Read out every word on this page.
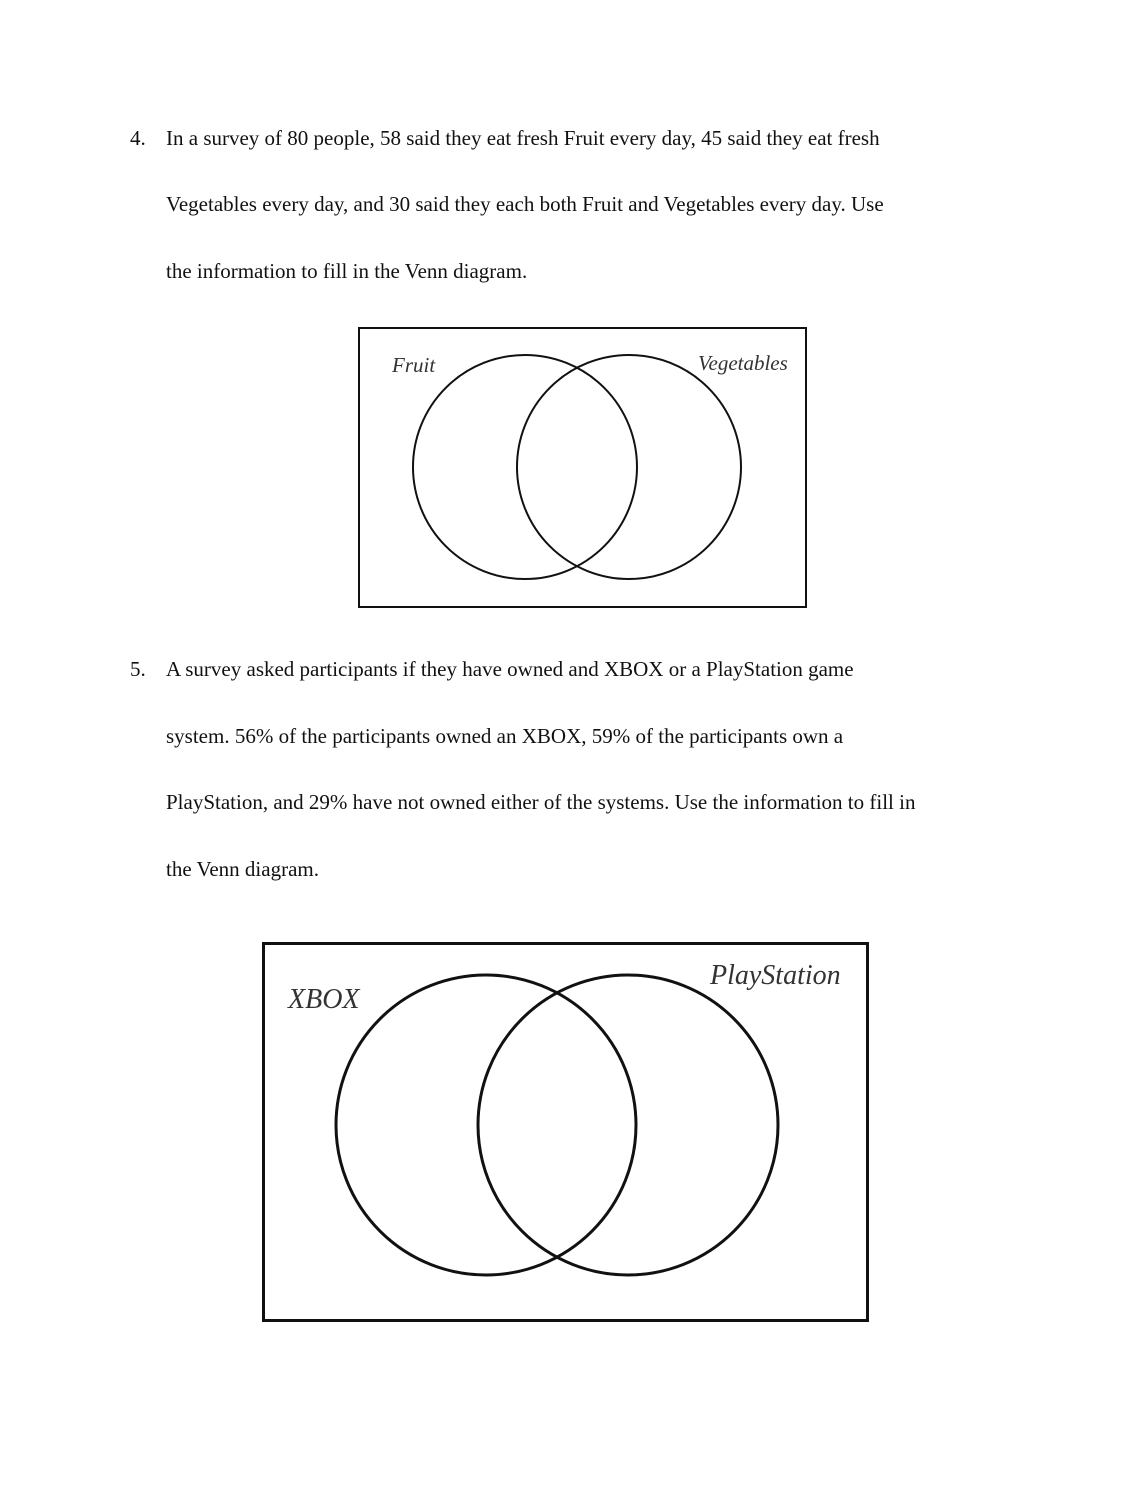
4. In a survey of 80 people, 58 said they eat fresh Fruit every day, 45 said they eat fresh
Vegetables every day, and 30 said they each both Fruit and Vegetables every day. Use
the information to fill in the Venn diagram.
Fruit	Vegetables
5. A survey asked participants if they have owned and XBOX or a PlayStation game
system. 56% of the participants owned an XBOX, 59% of the participants own a
PlayStation, and 29% have not owned either of the systems. Use the information to fill in
the Venn diagram.
XBOX
PlayStation
